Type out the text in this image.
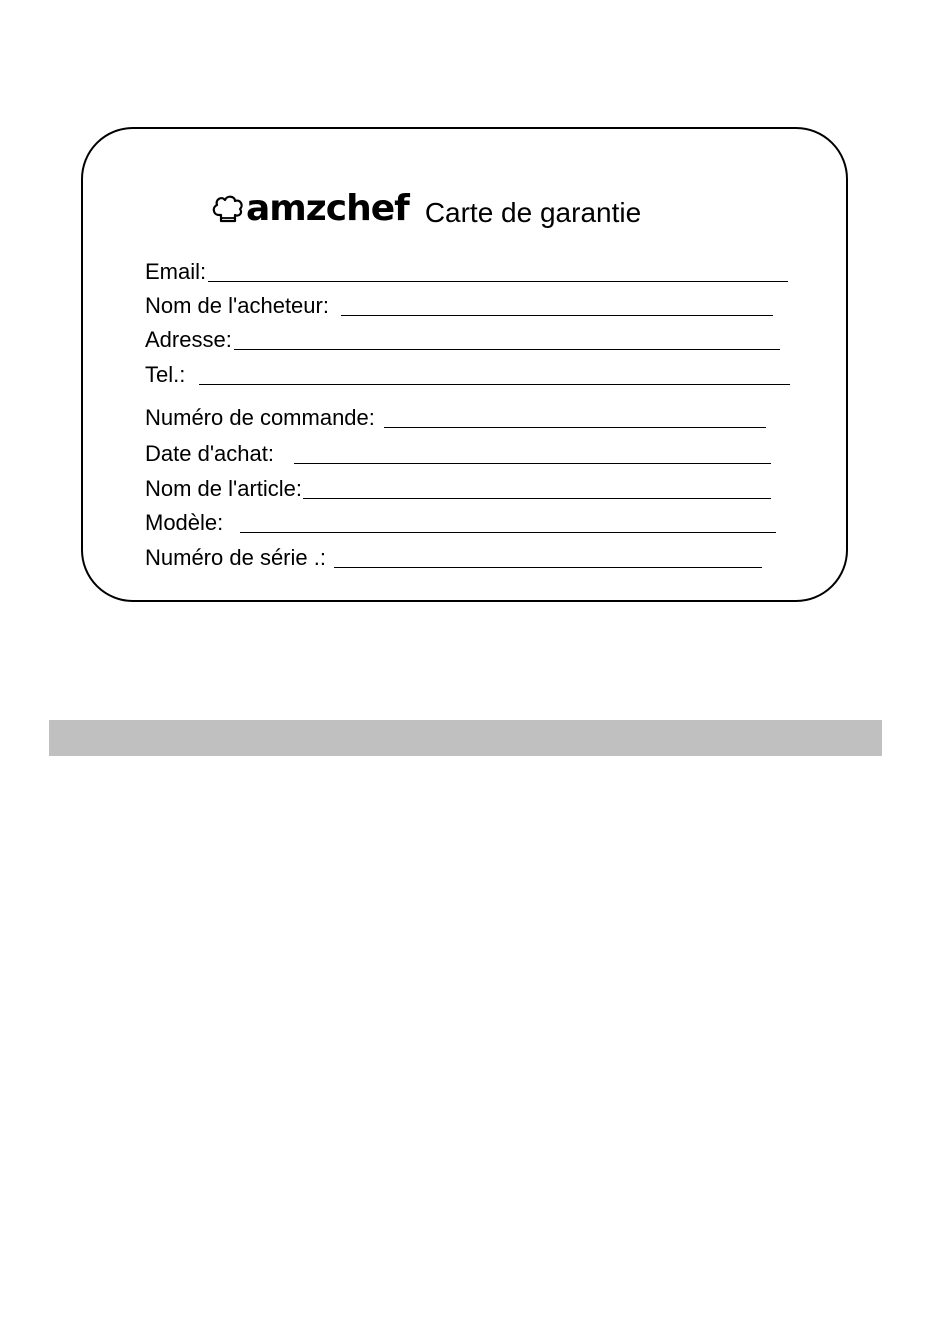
amzchef Carte de garantie
Email:
Nom de l'acheteur:
Adresse:
Tel.:
Numéro de commande:
Date d'achat:
Nom de l'article:
Modèle:
Numéro de série .:
